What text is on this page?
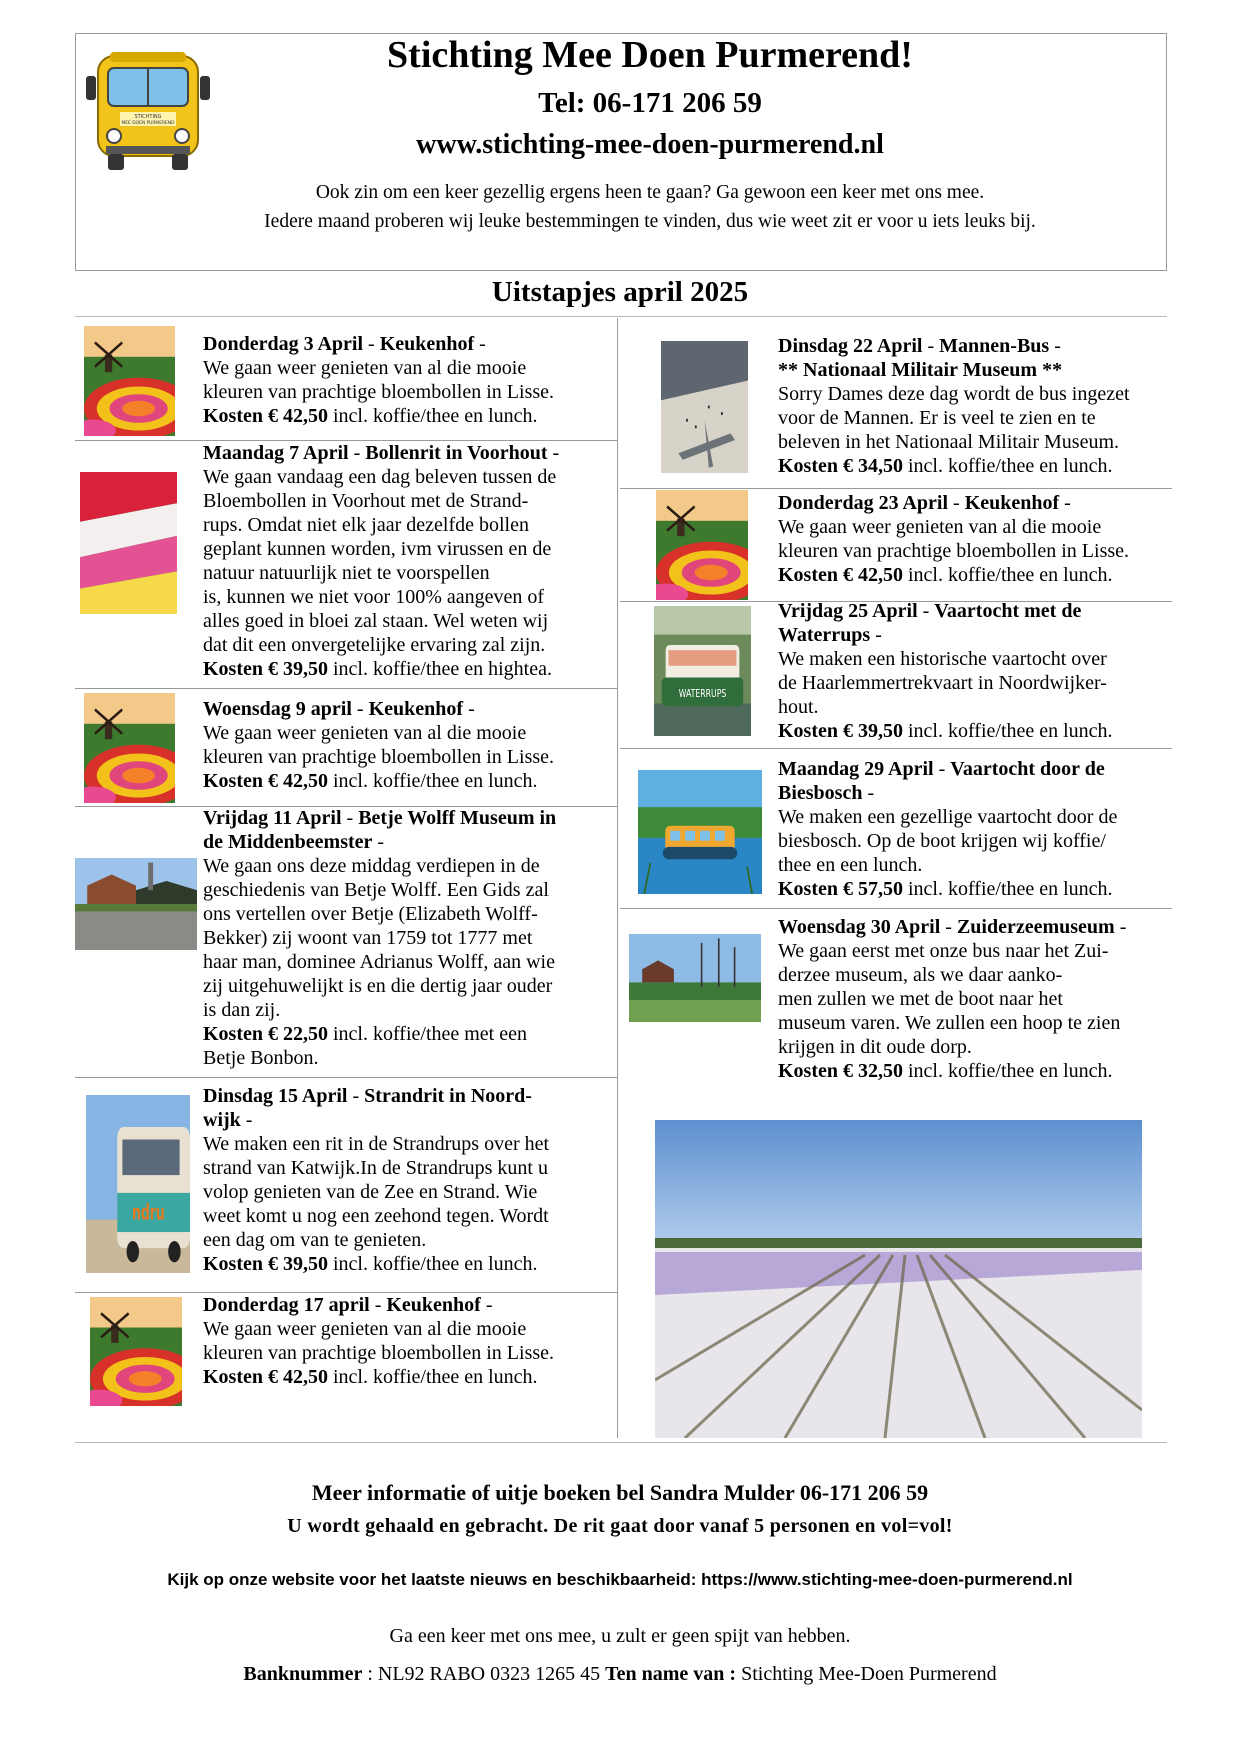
STICHTING
MEE DOEN PURMEREND
Stichting Mee Doen Purmerend!
Tel: 06-171 206 59
www.stichting-mee-doen-purmerend.nl
Ook zin om een keer gezellig ergens heen te gaan? Ga gewoon een keer met ons mee.
Iedere maand proberen wij leuke bestemmingen te vinden, dus wie weet zit er voor u iets leuks bij.
Uitstapjes april 2025
Donderdag 3 April - Keukenhof -
We gaan weer genieten van al die mooie
kleuren van prachtige bloembollen in Lisse.
Kosten € 42,50 incl. koffie/thee en lunch.
Maandag 7 April - Bollenrit in Voorhout -
We gaan vandaag een dag beleven tussen de
Bloembollen in Voorhout met de Strand-
rups. Omdat niet elk jaar dezelfde bollen
geplant kunnen worden, ivm virussen en de
natuur natuurlijk niet te voorspellen
is, kunnen we niet voor 100% aangeven of
alles goed in bloei zal staan. Wel weten wij
dat dit een onvergetelijke ervaring zal zijn.
Kosten € 39,50 incl. koffie/thee en hightea.
Woensdag 9 april - Keukenhof -
We gaan weer genieten van al die mooie
kleuren van prachtige bloembollen in Lisse.
Kosten € 42,50 incl. koffie/thee en lunch.
Vrijdag 11 April - Betje Wolff Museum in
de Middenbeemster -
We gaan ons deze middag verdiepen in de
geschiedenis van Betje Wolff. Een Gids zal
ons vertellen over Betje (Elizabeth Wolff-
Bekker) zij woont van 1759 tot 1777 met
haar man, dominee Adrianus Wolff, aan wie
zij uitgehuwelijkt is en die dertig jaar ouder
is dan zij.
Kosten € 22,50 incl. koffie/thee met een
Betje Bonbon.
ndru
Dinsdag 15 April - Strandrit in Noord-
wijk -
We maken een rit in de Strandrups over het
strand van Katwijk.In de Strandrups kunt u
volop genieten van de Zee en Strand. Wie
weet komt u nog een zeehond tegen. Wordt
een dag om van te genieten.
Kosten € 39,50 incl. koffie/thee en lunch.
Donderdag 17 april - Keukenhof -
We gaan weer genieten van al die mooie
kleuren van prachtige bloembollen in Lisse.
Kosten € 42,50 incl. koffie/thee en lunch.
Dinsdag 22 April - Mannen-Bus -
** Nationaal Militair Museum **
Sorry Dames deze dag wordt de bus ingezet
voor de Mannen. Er is veel te zien en te
beleven in het Nationaal Militair Museum.
Kosten € 34,50 incl. koffie/thee en lunch.
Donderdag 23 April - Keukenhof -
We gaan weer genieten van al die mooie
kleuren van prachtige bloembollen in Lisse.
Kosten € 42,50 incl. koffie/thee en lunch.
WATERRUPS
Vrijdag 25 April - Vaartocht met de
Waterrups -
We maken een historische vaartocht over
de Haarlemmertrekvaart in Noordwijker-
hout.
Kosten € 39,50 incl. koffie/thee en lunch.
Maandag 29 April - Vaartocht door de
Biesbosch -
We maken een gezellige vaartocht door de
biesbosch. Op de boot krijgen wij koffie/
thee en een lunch.
Kosten € 57,50 incl. koffie/thee en lunch.
Woensdag 30 April - Zuiderzeemuseum -
We gaan eerst met onze bus naar het Zui-
derzee museum, als we daar aanko-
men zullen we met de boot naar het
museum varen. We zullen een hoop te zien
krijgen in dit oude dorp.
Kosten € 32,50 incl. koffie/thee en lunch.
Meer informatie of uitje boeken bel Sandra Mulder 06-171 206 59
U wordt gehaald en gebracht. De rit gaat door vanaf 5 personen en vol=vol!
Kijk op onze website voor het laatste nieuws en beschikbaarheid: https://www.stichting-mee-doen-purmerend.nl
Ga een keer met ons mee, u zult er geen spijt van hebben.
Banknummer : NL92 RABO 0323 1265 45 Ten name van : Stichting Mee-Doen Purmerend
